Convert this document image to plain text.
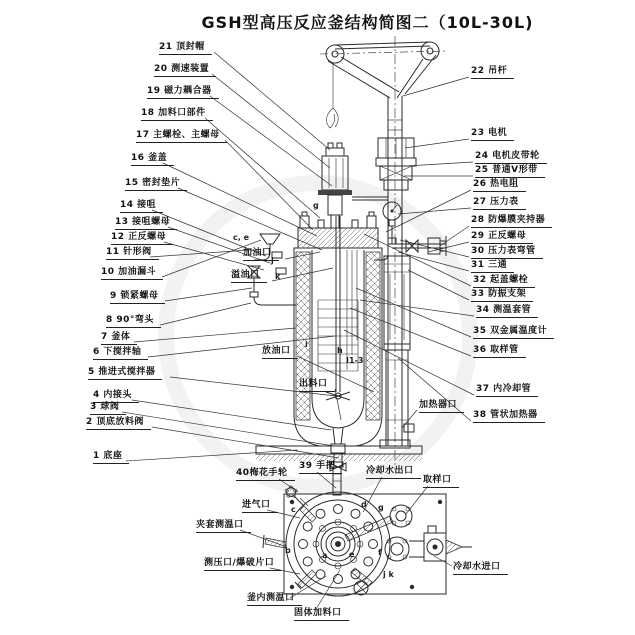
GSH型高压反应釜结构简图二（10L-30L)
21 顶封帽
20 测速装置
19 磁力耦合器
18 加料口部件
17 主螺栓、主螺母
16 釜盖
15 密封垫片
14 接咀
13 接咀螺母
12 正反螺母
11 针形阀
10 加油漏斗
9 锁紧螺母
8 90°弯头
7 釜体
6 下搅拌轴
5 推进式搅拌器
4 内接头
3 球阀
2 顶底放料阀
1 底座
22 吊杆
23 电机
24 电机皮带轮
25 普通V形带
26 热电阻
27 压力表
28 防爆膜夹持器
29 正反螺母
30 压力表弯管
31 三通
32 起盖螺栓
33 防振支架
34 测温套管
35 双金属温度计
36 取样管
37 内冷却管
38 管状加热器
加油口
溢油口
放油口
出料口
加热器口
40梅花手轮
39 手把	冷却水出口
取样口
进气口
夹套测温口
测压口/爆破片口	冷却水进口
釜内测温口
固体加料口
c, e
j
k
g
i
h
I1-3
c
b
a	e
d g
f
j k
